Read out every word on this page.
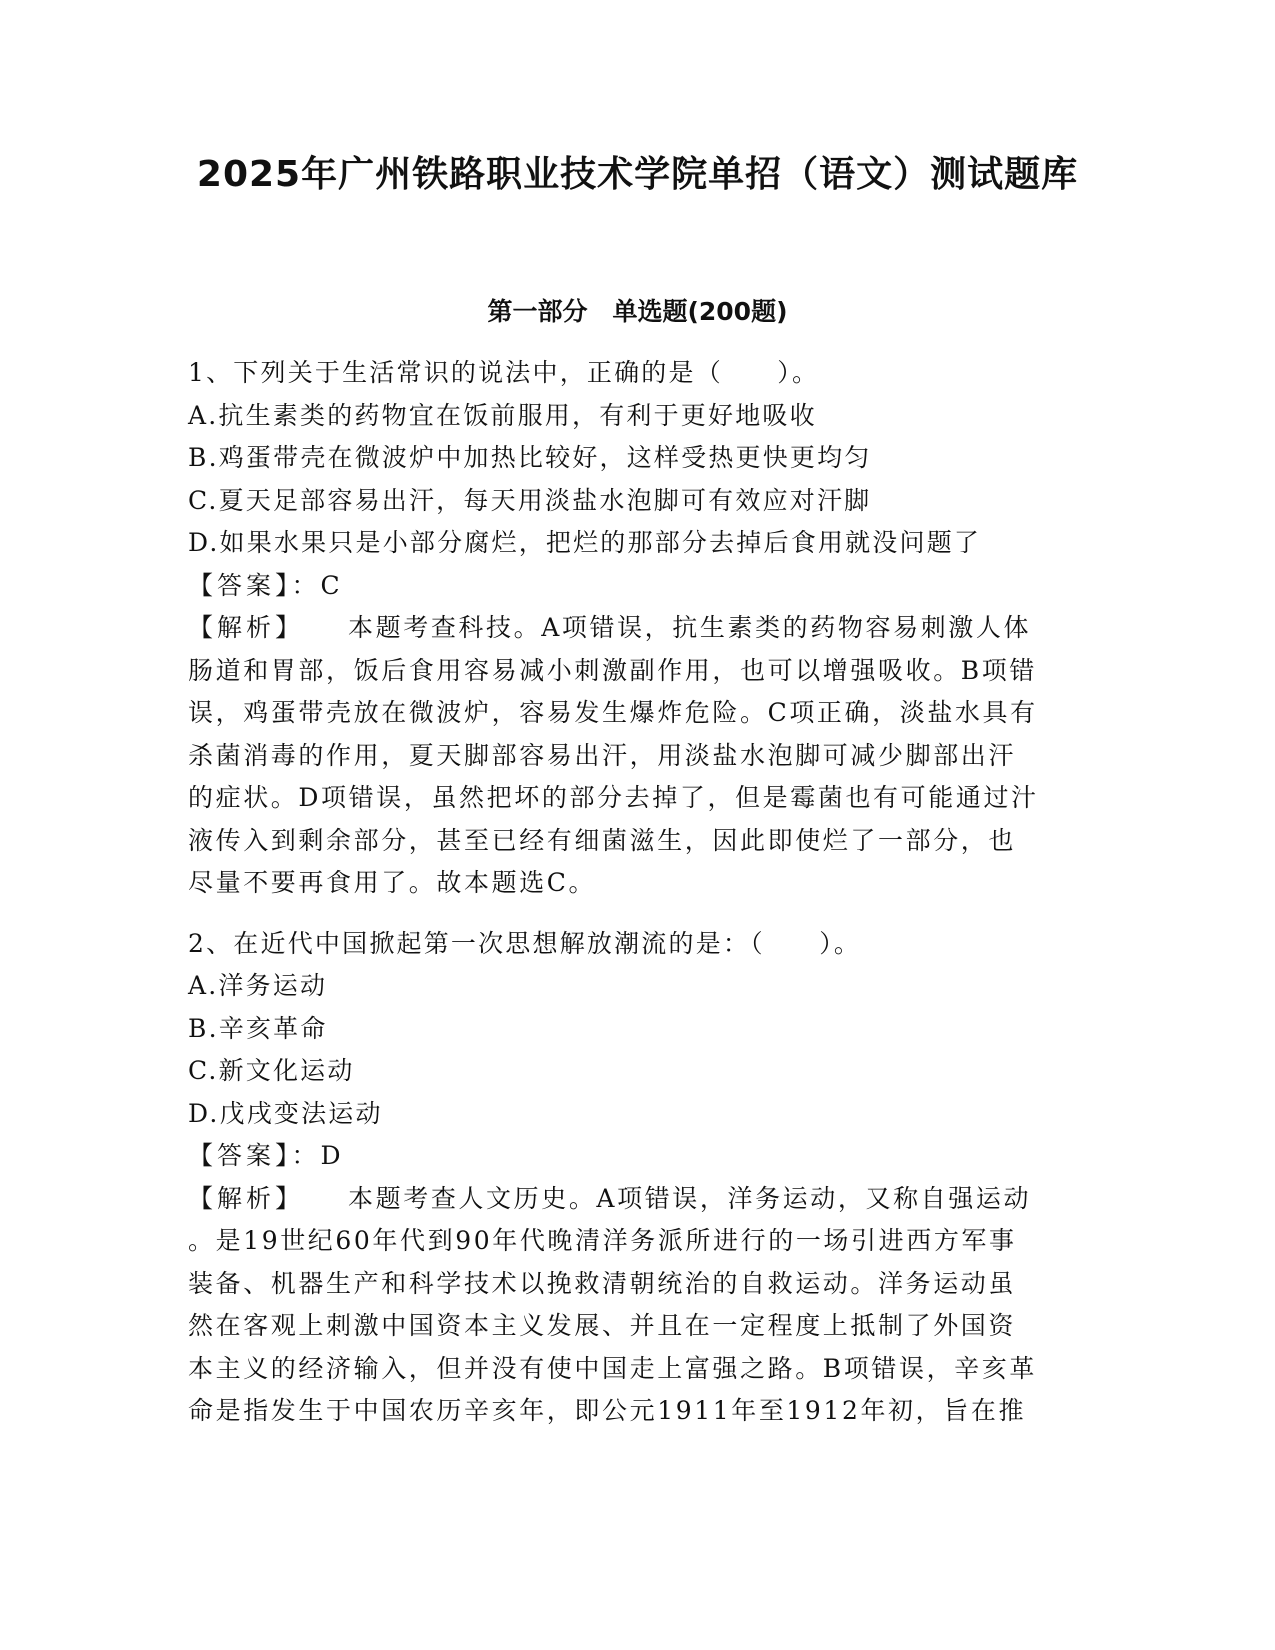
2025年广州铁路职业技术学院单招（语文）测试题库
第一部分　单选题(200题)
1、下列关于生活常识的说法中，正确的是（　　）。
A.抗生素类的药物宜在饭前服用，有利于更好地吸收
B.鸡蛋带壳在微波炉中加热比较好，这样受热更快更均匀
C.夏天足部容易出汗，每天用淡盐水泡脚可有效应对汗脚
D.如果水果只是小部分腐烂，把烂的那部分去掉后食用就没问题了
【答案】：C
【解析】 本题考查科技。A项错误，抗生素类的药物容易刺激人体
肠道和胃部，饭后食用容易减小刺激副作用，也可以增强吸收。B项错
误，鸡蛋带壳放在微波炉，容易发生爆炸危险。C项正确，淡盐水具有
杀菌消毒的作用，夏天脚部容易出汗，用淡盐水泡脚可减少脚部出汗
的症状。D项错误，虽然把坏的部分去掉了，但是霉菌也有可能通过汁
液传入到剩余部分，甚至已经有细菌滋生，因此即使烂了一部分，也
尽量不要再食用了。故本题选C。
2、在近代中国掀起第一次思想解放潮流的是：（　　）。
A.洋务运动
B.辛亥革命
C.新文化运动
D.戊戌变法运动
【答案】：D
【解析】 本题考查人文历史。A项错误，洋务运动，又称自强运动
。是19世纪60年代到90年代晚清洋务派所进行的一场引进西方军事
装备、机器生产和科学技术以挽救清朝统治的自救运动。洋务运动虽
然在客观上刺激中国资本主义发展、并且在一定程度上抵制了外国资
本主义的经济输入，但并没有使中国走上富强之路。B项错误，辛亥革
命是指发生于中国农历辛亥年，即公元1911年至1912年初，旨在推
